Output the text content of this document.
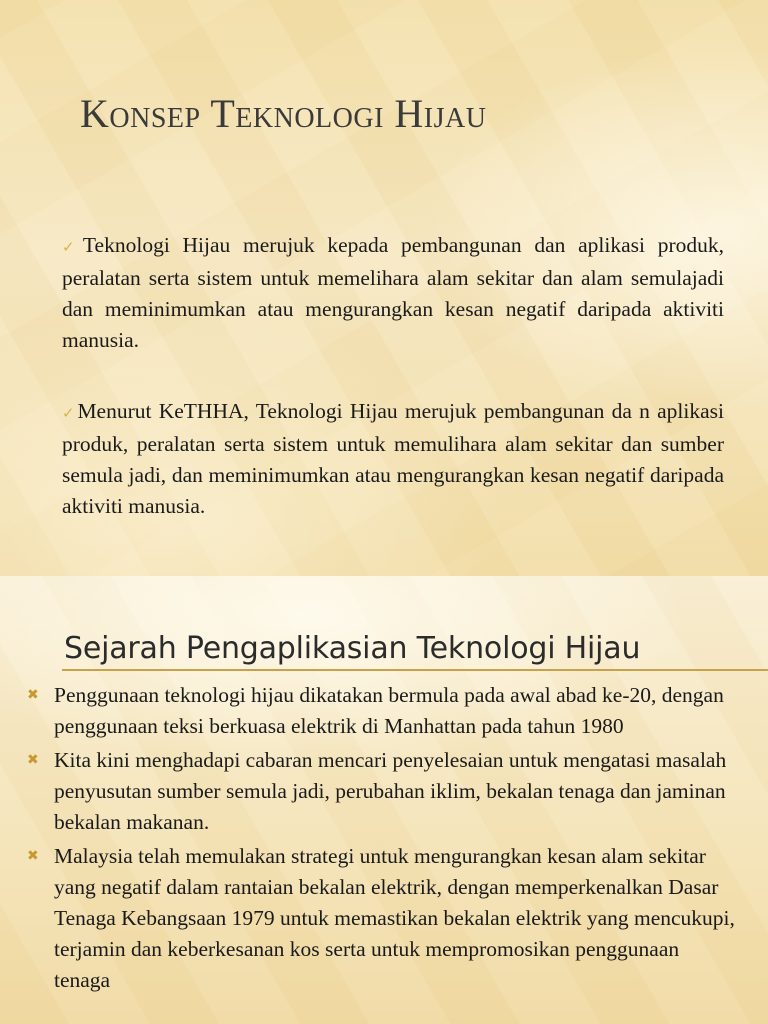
Konsep Teknologi Hijau

✓Teknologi Hijau merujuk kepada pembangunan dan aplikasi produk, peralatan serta sistem untuk memelihara alam sekitar dan alam semulajadi dan meminimumkan atau mengurangkan kesan negatif daripada aktiviti manusia.

✓Menurut KeTHHA, Teknologi Hijau merujuk pembangunan da n aplikasi produk, peralatan serta sistem untuk memulihara alam sekitar dan sumber semula jadi, dan meminimumkan atau mengurangkan kesan negatif daripada aktiviti manusia.

Sejarah Pengaplikasian Teknologi Hijau
✖ Penggunaan teknologi hijau dikatakan bermula pada awal abad ke-20, dengan penggunaan teksi berkuasa elektrik di Manhattan pada tahun 1980
✖ Kita kini menghadapi cabaran mencari penyelesaian untuk mengatasi masalah penyusutan sumber semula jadi, perubahan iklim, bekalan tenaga dan jaminan bekalan makanan.
✖ Malaysia telah memulakan strategi untuk mengurangkan kesan alam sekitar yang negatif dalam rantaian bekalan elektrik, dengan memperkenalkan Dasar Tenaga Kebangsaan 1979 untuk memastikan bekalan elektrik yang mencukupi, terjamin dan keberkesanan kos serta untuk mempromosikan penggunaan tenaga
